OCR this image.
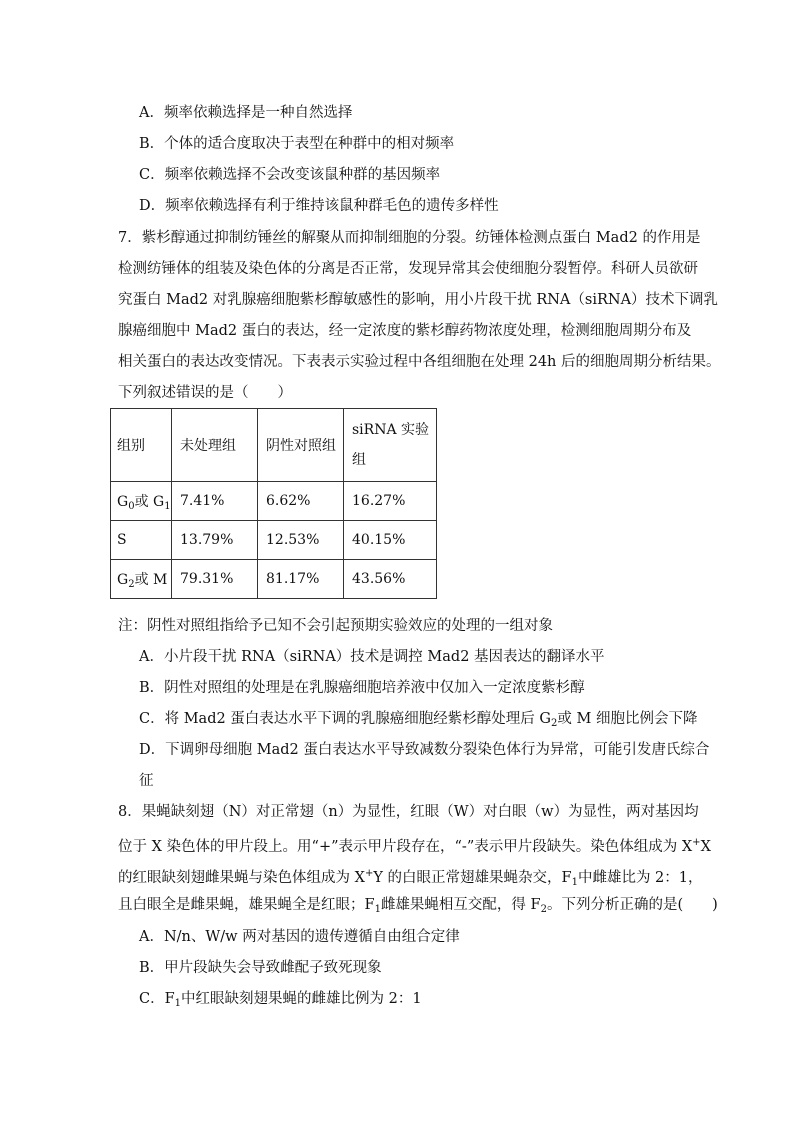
A．频率依赖选择是一种自然选择
B．个体的适合度取决于表型在种群中的相对频率
C．频率依赖选择不会改变该鼠种群的基因频率
D．频率依赖选择有利于维持该鼠种群毛色的遗传多样性
7．紫杉醇通过抑制纺锤丝的解聚从而抑制细胞的分裂。纺锤体检测点蛋白 Mad2 的作用是
检测纺锤体的组装及染色体的分离是否正常，发现异常其会使细胞分裂暂停。科研人员欲研
究蛋白 Mad2 对乳腺癌细胞紫杉醇敏感性的影响，用小片段干扰 RNA（siRNA）技术下调乳
腺癌细胞中 Mad2 蛋白的表达，经一定浓度的紫杉醇药物浓度处理，检测细胞周期分布及
相关蛋白的表达改变情况。下表表示实验过程中各组细胞在处理 24h 后的细胞周期分析结果。
下列叙述错误的是（　　）
组别	未处理组	阴性对照组	siRNA 实验组
$G_0$或 $G_1$	7.41%	6.62%	16.27%
S	13.79%	12.53%	40.15%
$G_2$或 M	79.31%	81.17%	43.56%
注：阴性对照组指给予已知不会引起预期实验效应的处理的一组对象
A．小片段干扰 RNA（siRNA）技术是调控 Mad2 基因表达的翻译水平
B．阴性对照组的处理是在乳腺癌细胞培养液中仅加入一定浓度紫杉醇
C．将 Mad2 蛋白表达水平下调的乳腺癌细胞经紫杉醇处理后 $G_2$或 M 细胞比例会下降
D．下调卵母细胞 Mad2 蛋白表达水平导致减数分裂染色体行为异常，可能引发唐氏综合
征
8．果蝇缺刻翅（N）对正常翅（n）为显性，红眼（W）对白眼（w）为显性，两对基因均
位于 X 染色体的甲片段上。用“+”表示甲片段存在，“-”表示甲片段缺失。染色体组成为 X+X
的红眼缺刻翅雌果蝇与染色体组成为 X+Y 的白眼正常翅雄果蝇杂交，$F_1$中雌雄比为 2：1，
且白眼全是雌果蝇，雄果蝇全是红眼；$F_1$雌雄果蝇相互交配，得 $F_2$。下列分析正确的是(　　)
A．N/n、W/w 两对基因的遗传遵循自由组合定律
B．甲片段缺失会导致雌配子致死现象
C．$F_1$中红眼缺刻翅果蝇的雌雄比例为 2：1
